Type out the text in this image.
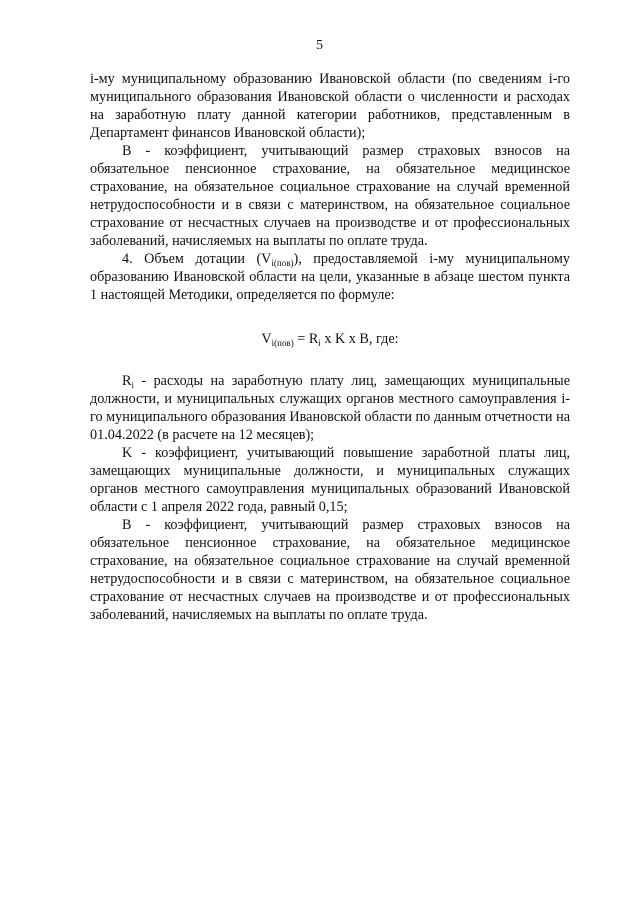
5

i-му муниципальному образованию Ивановской области (по сведениям i-го муниципального образования Ивановской области о численности и расходах на заработную плату данной категории работников, представленным в Департамент финансов Ивановской области);

B - коэффициент, учитывающий размер страховых взносов на обязательное пенсионное страхование, на обязательное медицинское страхование, на обязательное социальное страхование на случай временной нетрудоспособности и в связи с материнством, на обязательное социальное страхование от несчастных случаев на производстве и от профессиональных заболеваний, начисляемых на выплаты по оплате труда.

4. Объем дотации $(V_{i(пов)})$, предоставляемой i-му муниципальному образованию Ивановской области на цели, указанные в абзаце шестом пункта 1 настоящей Методики, определяется по формуле:

$V_{i(пов)} = R_i$ x K x B, где:

$R_i$ - расходы на заработную плату лиц, замещающих муниципальные должности, и муниципальных служащих органов местного самоуправления i-го муниципального образования Ивановской области по данным отчетности на 01.04.2022 (в расчете на 12 месяцев);

K - коэффициент, учитывающий повышение заработной платы лиц, замещающих муниципальные должности, и муниципальных служащих органов местного самоуправления муниципальных образований Ивановской области с 1 апреля 2022 года, равный 0,15;

B - коэффициент, учитывающий размер страховых взносов на обязательное пенсионное страхование, на обязательное медицинское страхование, на обязательное социальное страхование на случай временной нетрудоспособности и в связи с материнством, на обязательное социальное страхование от несчастных случаев на производстве и от профессиональных заболеваний, начисляемых на выплаты по оплате труда.
